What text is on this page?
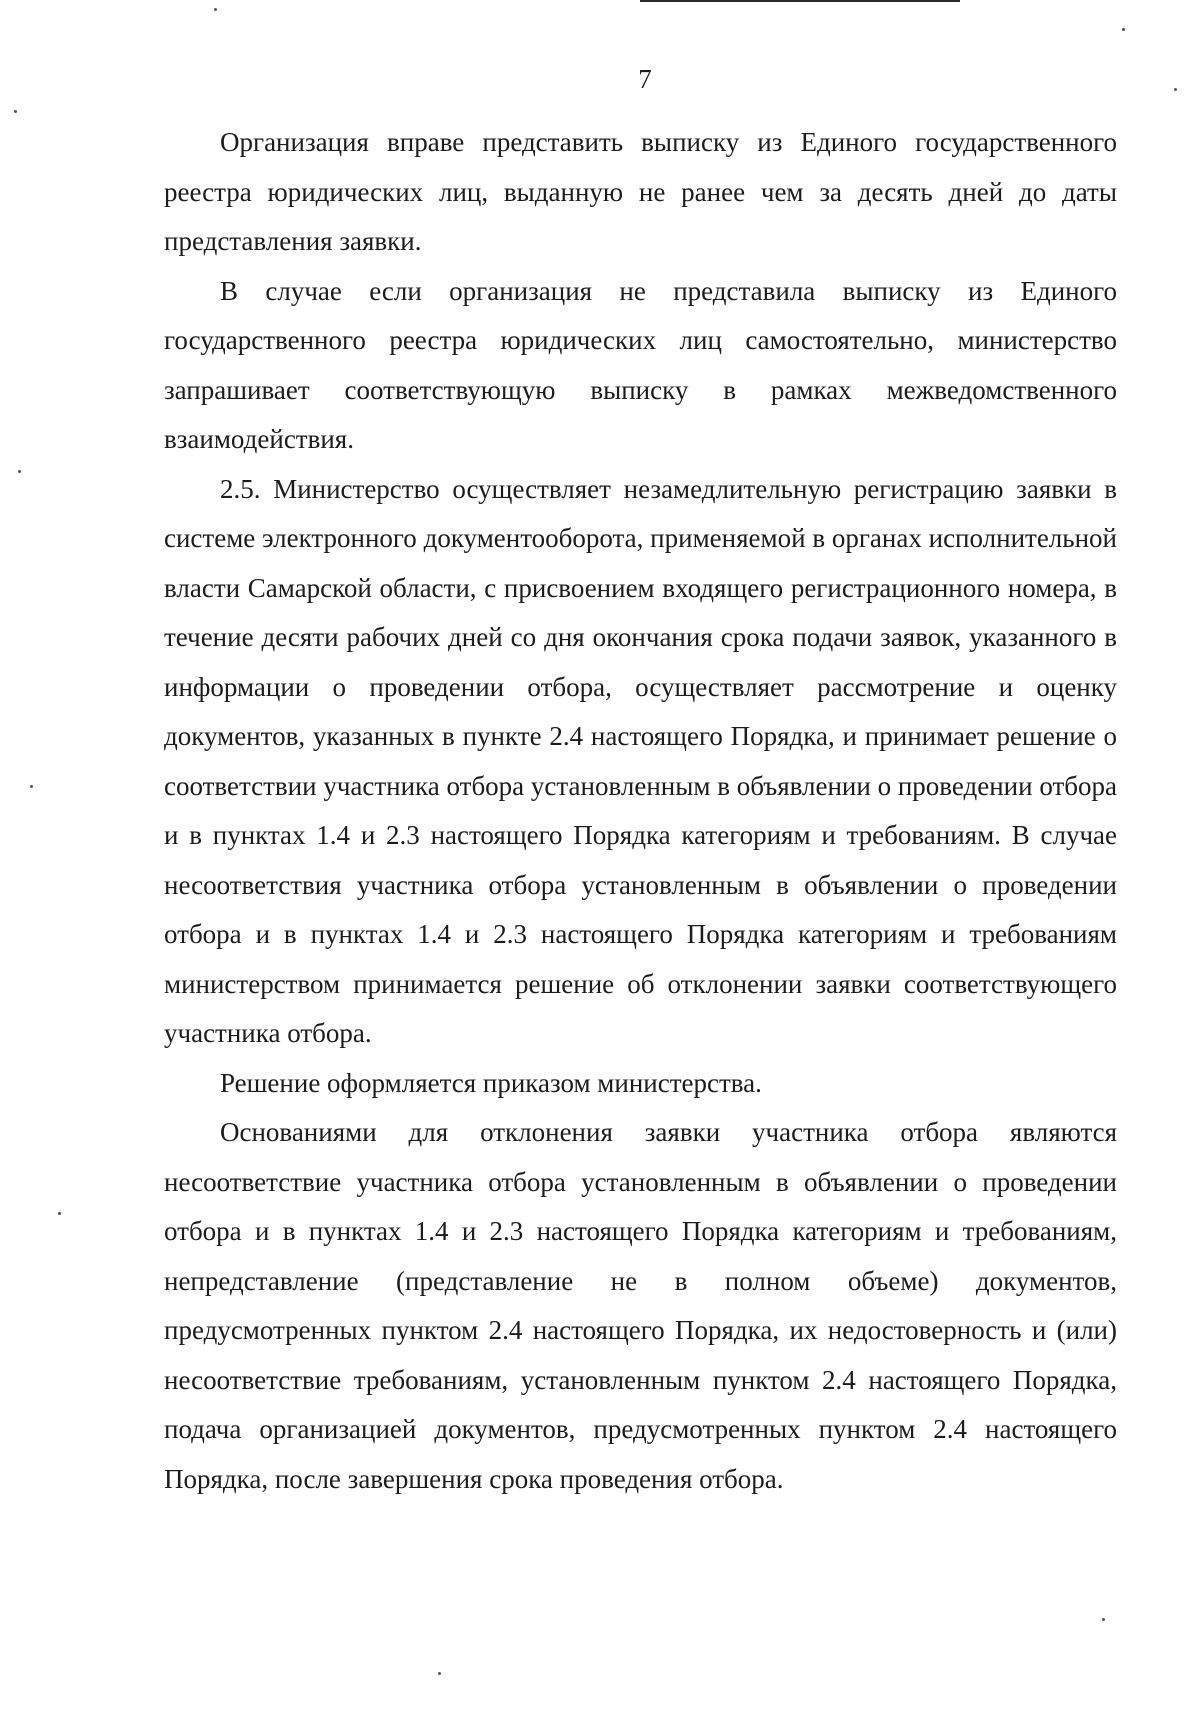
7

Организация вправе представить выписку из Единого государственного реестра юридических лиц, выданную не ранее чем за десять дней до даты представления заявки.

В случае если организация не представила выписку из Единого государственного реестра юридических лиц самостоятельно, министерство запрашивает соответствующую выписку в рамках межведомственного взаимодействия.

2.5. Министерство осуществляет незамедлительную регистрацию заявки в системе электронного документооборота, применяемой в органах исполнительной власти Самарской области, с присвоением входящего регистрационного номера, в течение десяти рабочих дней со дня окончания срока подачи заявок, указанного в информации о проведении отбора, осуществляет рассмотрение и оценку документов, указанных в пункте 2.4 настоящего Порядка, и принимает решение о соответствии участника отбора установленным в объявлении о проведении отбора и в пунктах 1.4 и 2.3 настоящего Порядка категориям и требованиям. В случае несоответствия участника отбора установленным в объявлении о проведении отбора и в пунктах 1.4 и 2.3 настоящего Порядка категориям и требованиям министерством принимается решение об отклонении заявки соответствующего участника отбора.

Решение оформляется приказом министерства.

Основаниями для отклонения заявки участника отбора являются несоответствие участника отбора установленным в объявлении о проведении отбора и в пунктах 1.4 и 2.3 настоящего Порядка категориям и требованиям, непредставление (представление не в полном объеме) документов, предусмотренных пунктом 2.4 настоящего Порядка, их недостоверность и (или) несоответствие требованиям, установленным пунктом 2.4 настоящего Порядка, подача организацией документов, предусмотренных пунктом 2.4 настоящего Порядка, после завершения срока проведения отбора.
